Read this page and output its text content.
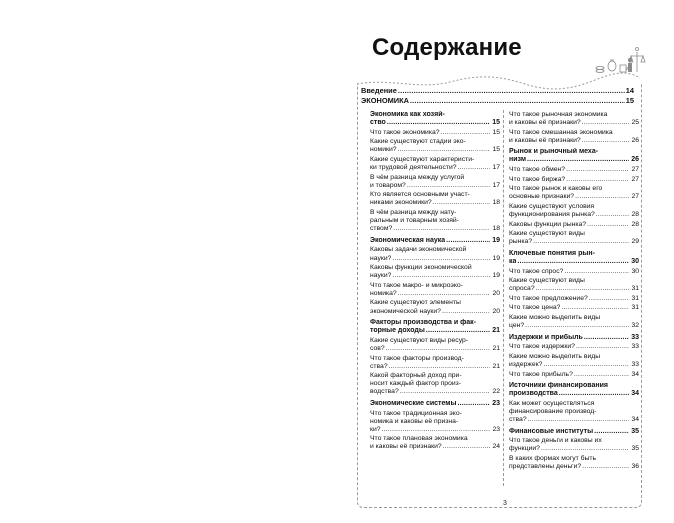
Содержание
Введение .....	14
ЭКОНОМИКА .....	15
Экономика как хозяй-
ство .....	15
Что такое экономика? .....	15
Какие существуют стадии эко-
номики? .....	15
Какие существуют характеристи-
ки трудовой деятельности? .....	17
В чём разница между услугой
и товаром? .....	17
Кто является основными участ-
никами экономики? .....	18
В чём разница между нату-
ральным и товарным хозяй-
ством? .....	18
Экономическая наука .....	19
Каковы задачи экономической
науки? .....	19
Каковы функции экономической
науки? .....	19
Что такое макро- и микроэко-
номика? .....	20
Какие существуют элементы
экономической науки? .....	20
Факторы производства и фак-
торные доходы .....	21
Какие существуют виды ресур-
сов? .....	21
Что такое факторы производ-
ства? .....	21
Какой факторный доход при-
носит каждый фактор произ-
водства? .....	22
Экономические системы .....	23
Что такое традиционная эко-
номика и каковы её призна-
ки? .....	23
Что такое плановая экономика
и каковы её признаки? .....	24
Что такое рыночная экономика
и каковы её признаки? .....	25
Что такое смешанная экономика
и каковы её признаки? .....	26
Рынок и рыночный меха-
низм .....	26
Что такое обмен? .....	27
Что такое биржа? .....	27
Что такое рынок и каковы его
основные признаки? .....	27
Какие существуют условия
функционирования рынка? .....	28
Каковы функции рынка? .....	28
Какие существуют виды
рынка? .....	29
Ключевые понятия рын-
ка .....	30
Что такое спрос? .....	30
Какие существуют виды
спроса? .....	31
Что такое предложение? .....	31
Что такое цена? .....	31
Какие можно выделить виды
цен? .....	32
Издержки и прибыль .....	33
Что такое издержки? .....	33
Какие можно выделить виды
издержек? .....	33
Что такое прибыль? .....	34
Источники финансирования
производства .....	34
Как может осуществляться
финансирование производ-
ства? .....	34
Финансовые институты .....	35
Что такое деньги и каковы их
функции? .....	35
В каких формах могут быть
представлены деньги? .....	36
3
